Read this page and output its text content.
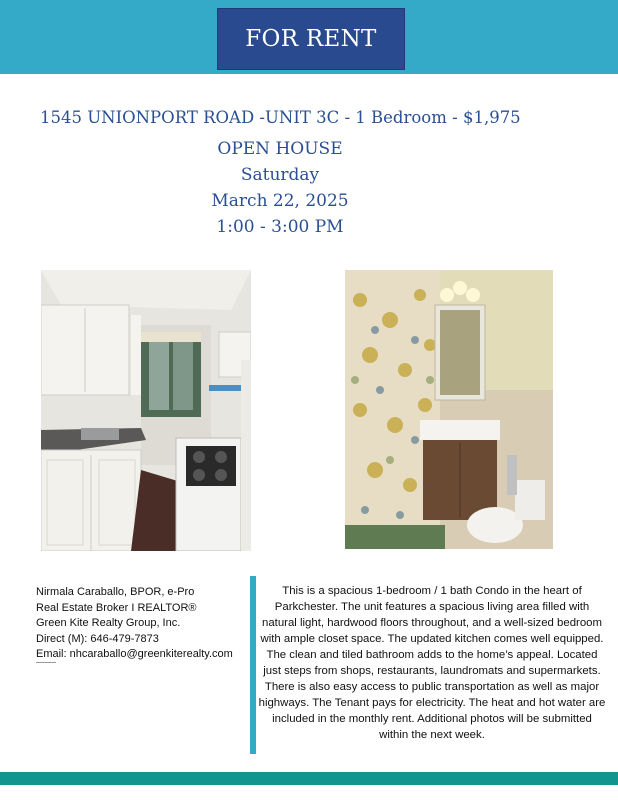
FOR RENT
1545 UNIONPORT ROAD -UNIT 3C - 1 Bedroom - $1,975
OPEN HOUSE
Saturday
March 22, 2025
1:00 - 3:00 PM
Nirmala Caraballo, BPOR, e-Pro
Real Estate Broker I REALTOR®
Green Kite Realty Group, Inc.
Direct (M): 646-479-7873
Email: nhcaraballo@greenkiterealty.com
This is a spacious 1-bedroom / 1 bath Condo in the heart of Parkchester. The unit features a spacious living area filled with natural light, hardwood floors throughout, and a well-sized bedroom with ample closet space. The updated kitchen comes well equipped. The clean and tiled bathroom adds to the home’s appeal. Located just steps from shops, restaurants, laundromats and supermarkets. There is also easy access to public transportation as well as major highways. The Tenant pays for electricity. The heat and hot water are included in the monthly rent. Additional photos will be submitted within the next week.
